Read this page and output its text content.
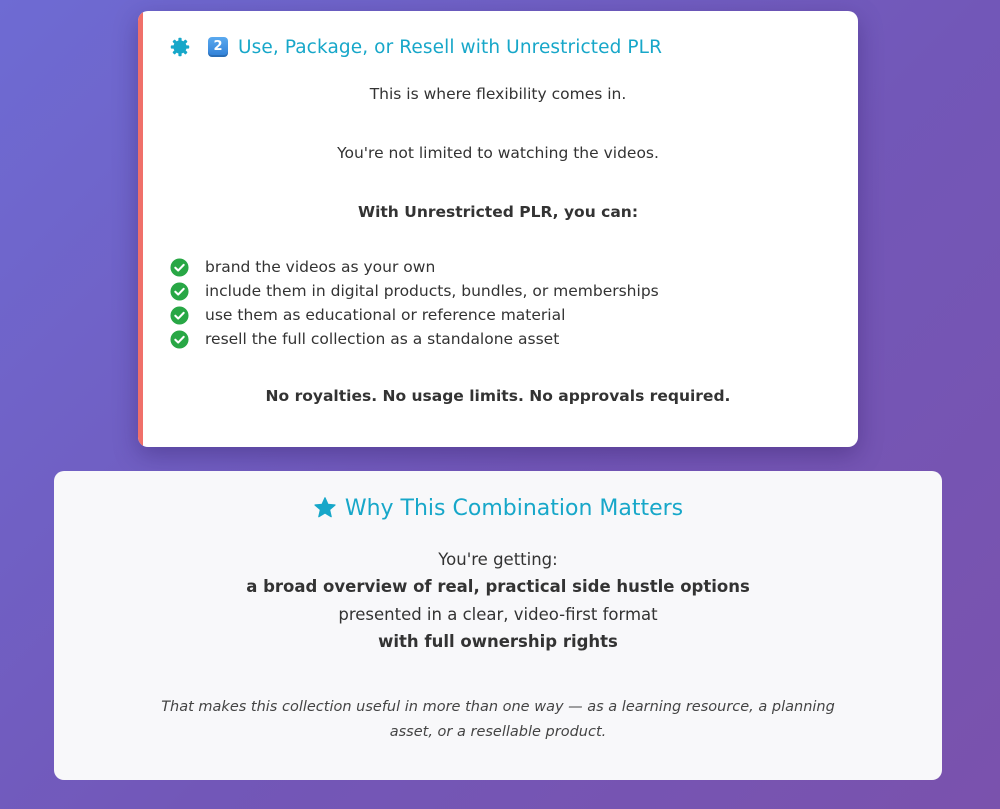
2 Use, Package, or Resell with Unrestricted PLR
This is where flexibility comes in.
You're not limited to watching the videos.
With Unrestricted PLR, you can:
brand the videos as your own
include them in digital products, bundles, or memberships
use them as educational or reference material
resell the full collection as a standalone asset
No royalties. No usage limits. No approvals required.
Why This Combination Matters
You're getting:
a broad overview of real, practical side hustle options
presented in a clear, video-first format
with full ownership rights
That makes this collection useful in more than one way — as a learning resource, a planning asset, or a resellable product.
